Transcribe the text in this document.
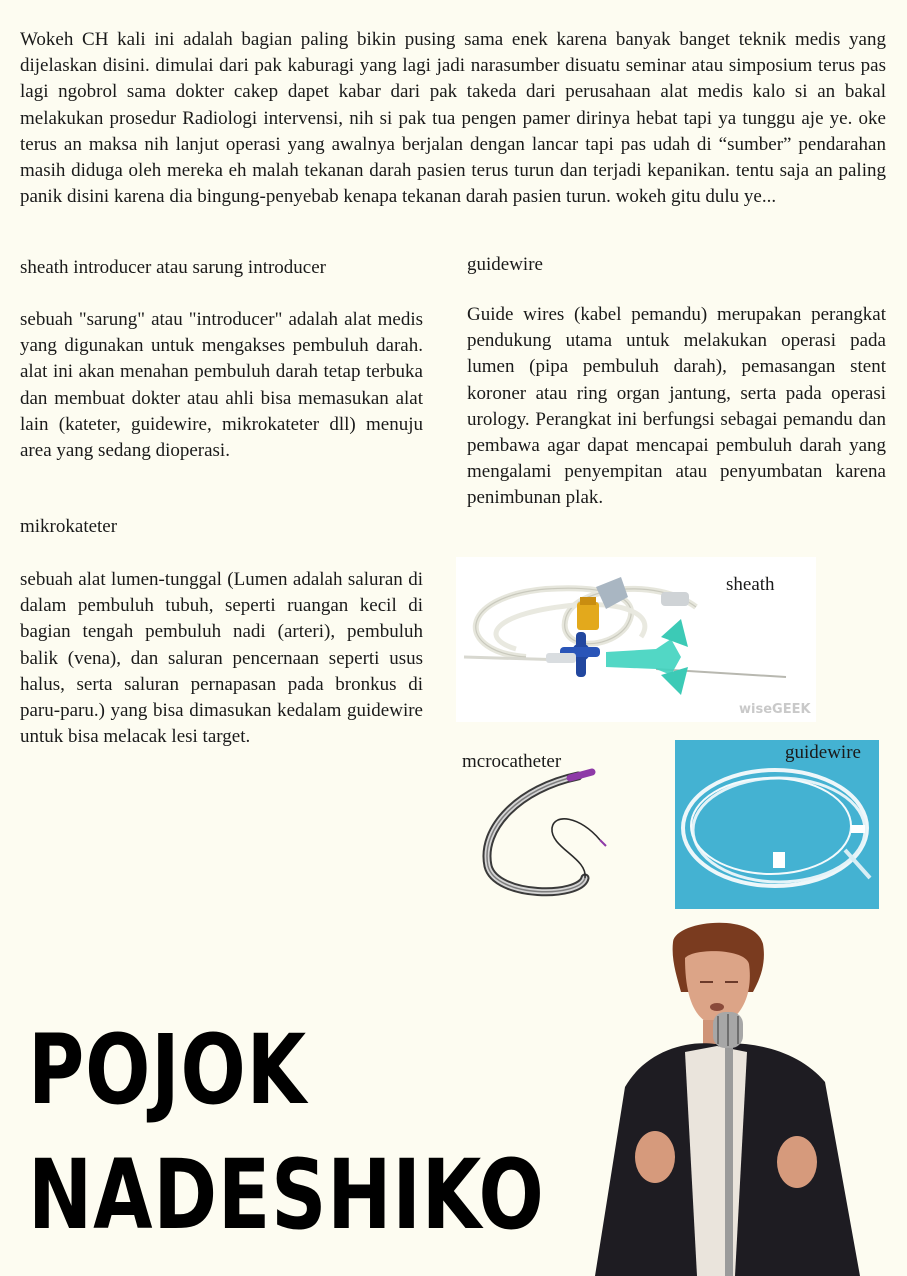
Wokeh CH kali ini adalah bagian paling bikin pusing sama enek karena banyak banget teknik medis yang dijelaskan disini. dimulai dari pak kaburagi yang lagi jadi narasumber disuatu seminar atau simposium terus pas lagi ngobrol sama dokter cakep dapet kabar dari pak takeda dari perusahaan alat medis kalo si an bakal melakukan prosedur Radiologi intervensi, nih si pak tua pengen pamer dirinya hebat tapi ya tunggu aje ye. oke terus an maksa nih lanjut operasi yang awalnya berjalan dengan lancar tapi pas udah di “sumber” pendarahan masih diduga oleh mereka eh malah tekanan darah pasien terus turun dan terjadi kepanikan. tentu saja an paling panik disini karena dia bingung-penyebab kenapa tekanan darah pasien turun. wokeh gitu dulu ye...
sheath introducer atau sarung introducer
sebuah "sarung" atau "introducer" adalah alat medis yang digunakan untuk mengakses pembuluh darah. alat ini akan menahan pembuluh darah tetap terbuka dan membuat dokter atau ahli bisa memasukan alat lain (kateter, guidewire, mikrokateter dll) menuju area yang sedang dioperasi.
guidewire
Guide wires (kabel pemandu) merupakan perangkat pendukung utama untuk melakukan operasi pada lumen (pipa pembuluh darah), pemasangan stent koroner atau ring organ jantung, serta pada operasi urology. Perangkat ini berfungsi sebagai pemandu dan pembawa agar dapat mencapai pembuluh darah yang mengalami penyempitan atau penyumbatan karena penimbunan plak.
mikrokateter
sebuah alat lumen-tunggal (Lumen adalah saluran di dalam pembuluh tubuh, seperti ruangan kecil di bagian tengah pembuluh nadi (arteri), pembuluh balik (vena), dan saluran pencernaan seperti usus halus, serta saluran pernapasan pada bronkus di paru-paru.) yang bisa dimasukan kedalam guidewire untuk bisa melacak lesi target.
sheath
wiseGEEK
mcrocatheter	guidewire
POJOK
NADESHIKO
